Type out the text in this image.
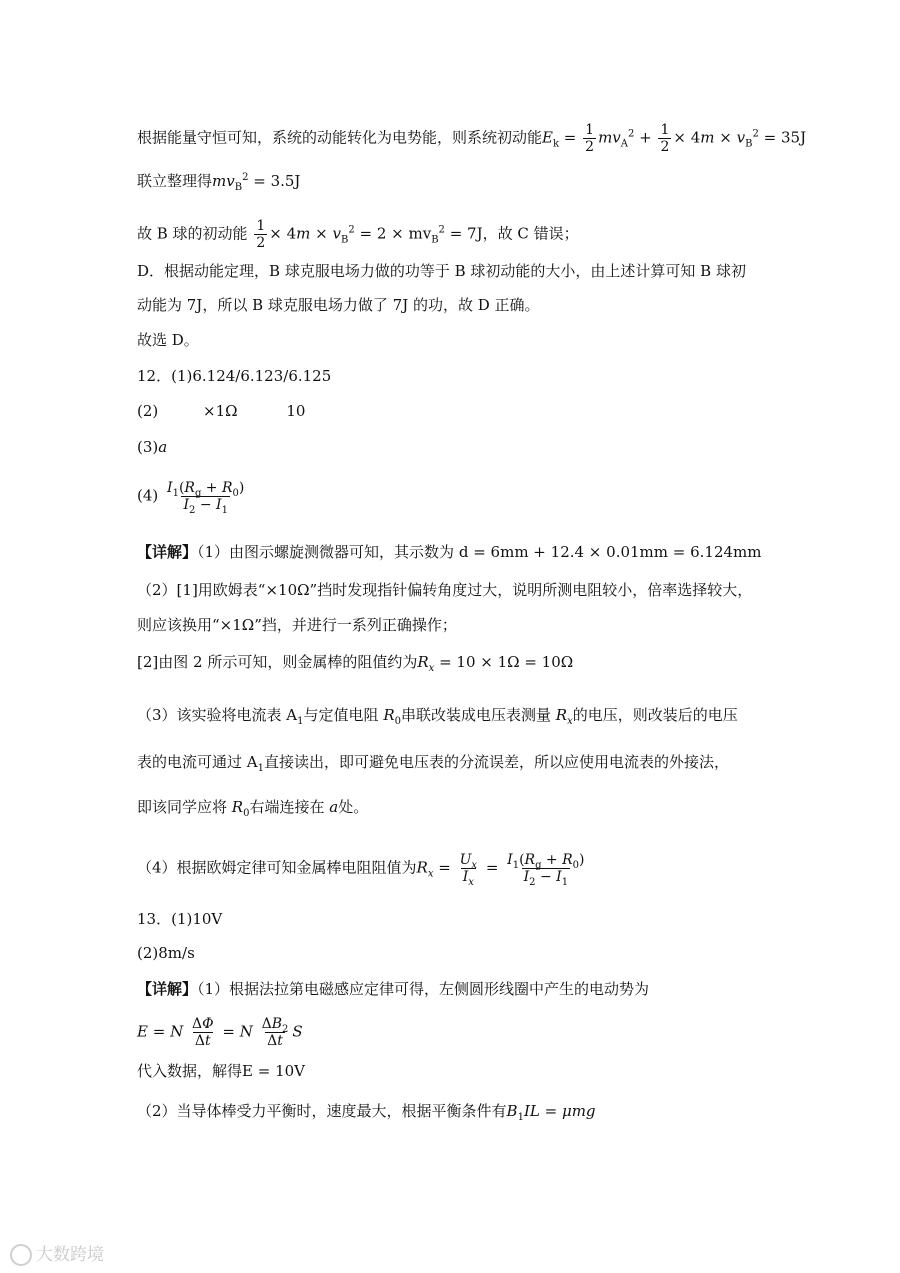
根据能量守恒可知，系统的动能转化为电势能，则系统初动能$E_k = \frac{1}{2} mv_A^2 + \frac{1}{2} \times 4m \times v_B^2 = 35J$
联立整理得$mv_B^2 = 3.5J$
故 B 球的初动能 $\frac{1}{2} \times 4m \times v_B^2 = 2 \times mv_B^2 = 7J$，故 C 错误；
D．根据动能定理，B 球克服电场力做的功等于 B 球初动能的大小，由上述计算可知 B 球初
动能为 7J，所以 B 球克服电场力做了 7J 的功，故 D 正确。
故选 D。
12．(1)6.124/6.123/6.125
(2)	×1Ω	10
(3)a
$(4) \frac{I_1(R_g + R_0)}{I_2 - I_1}$
【详解】（1）由图示螺旋测微器可知，其示数为 d = 6mm + 12.4 × 0.01mm = 6.124mm
（2）[1]用欧姆表“×10Ω”挡时发现指针偏转角度过大，说明所测电阻较小，倍率选择较大，
则应该换用“×1Ω”挡，并进行一系列正确操作；
[2]由图 2 所示可知，则金属棒的阻值约为$R_x = 10 \times 1\Omega = 10\Omega$
（3）该实验将电流表 $A_1$与定值电阻 $R_0$串联改装成电压表测量 $R_x$的电压，则改装后的电压
表的电流可通过 $A_1$直接读出，即可避免电压表的分流误差，所以应使用电流表的外接法，
即该同学应将 $R_0$右端连接在 a处。
（4）根据欧姆定律可知金属棒电阻阻值为$R_x = \frac{U_x}{I_x} = \frac{I_1(R_g + R_0)}{I_2 - I_1}$
13．(1)10V
(2)8m/s
【详解】（1）根据法拉第电磁感应定律可得，左侧圆形线圈中产生的电动势为
E = N $\frac{\Delta\Phi}{\Delta t} = N \frac{\Delta B_2}{\Delta t}$ S
代入数据，解得E = 10V
（2）当导体棒受力平衡时，速度最大，根据平衡条件有$B_1IL = \mu mg$
大数跨境
